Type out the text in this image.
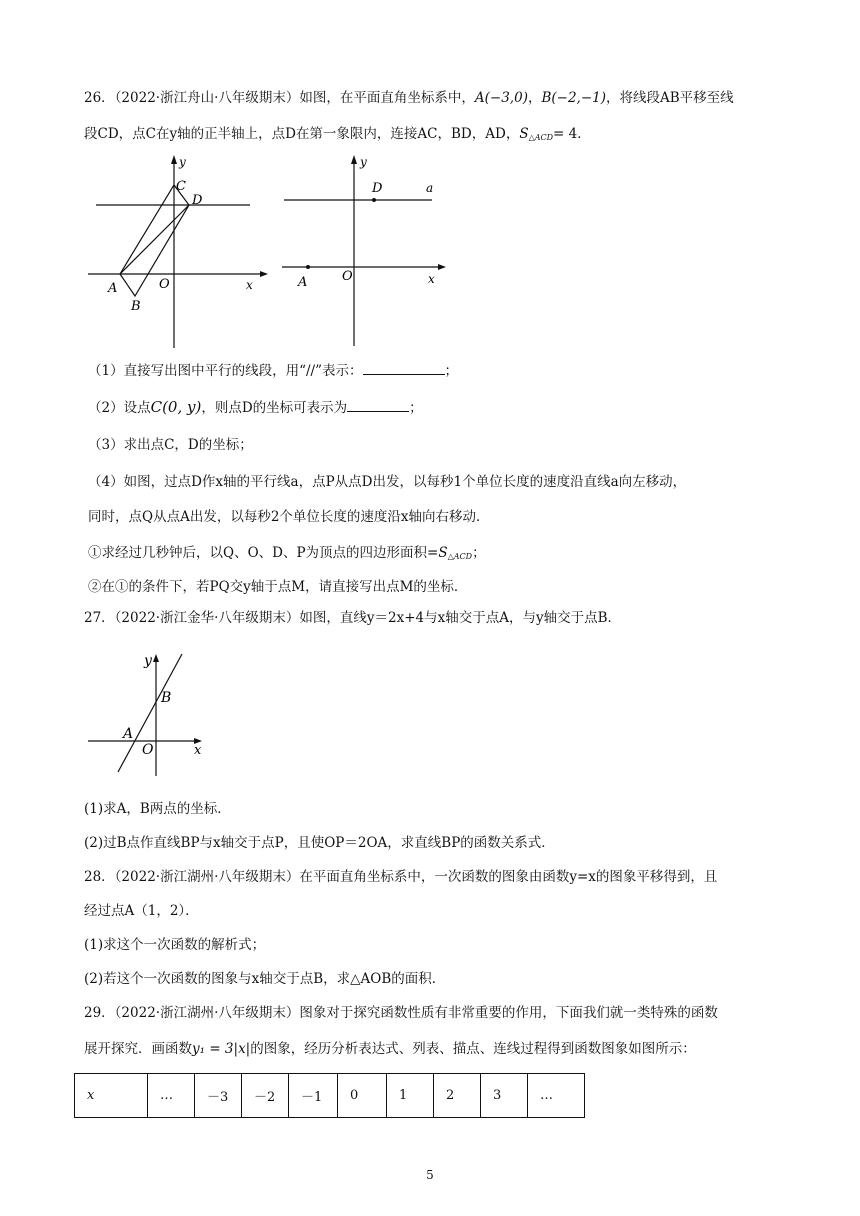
26．（2022·浙江舟山·八年级期末）如图，在平面直角坐标系中，A(−3,0)，B(−2,−1)，将线段AB平移至线
段CD，点C在y轴的正半轴上，点D在第一象限内，连接AC，BD，AD，$S_{\triangle ACD}= 4$．
y
C
D
A	O
B
x
y
D	a
A	O	x
（1）直接写出图中平行的线段，用“//”表示：	；
（2）设点C(0, y)，则点D的坐标可表示为	；
（3）求出点C，D的坐标；
（4）如图，过点D作x轴的平行线a，点P从点D出发，以每秒1个单位长度的速度沿直线a向左移动，
同时，点Q从点A出发，以每秒2个单位长度的速度沿x轴向右移动．
①求经过几秒钟后，以Q、O、D、P为顶点的四边形面积$=S_{\triangle ACD}$；
②在①的条件下，若PQ交y轴于点M，请直接写出点M的坐标．
27．（2022·浙江金华·八年级期末）如图，直线y＝2x+4与x轴交于点A，与y轴交于点B．
y
B
A
O	x
(1)求A，B两点的坐标．
(2)过B点作直线BP与x轴交于点P，且使OP＝2OA，求直线BP的函数关系式．
28．（2022·浙江湖州·八年级期末）在平面直角坐标系中，一次函数的图象由函数y=x的图象平移得到，且
经过点A（1，2）．
(1)求这个一次函数的解析式；
(2)若这个一次函数的图象与x轴交于点B，求△AOB的面积．
29．（2022·浙江湖州·八年级期末）图象对于探究函数性质有非常重要的作用，下面我们就一类特殊的函数
展开探究．画函数y₁ = 3|x|的图象，经历分析表达式、列表、描点、连线过程得到函数图象如图所示：
x	…	－3	－2	－1	0	1	2	3	…
5
